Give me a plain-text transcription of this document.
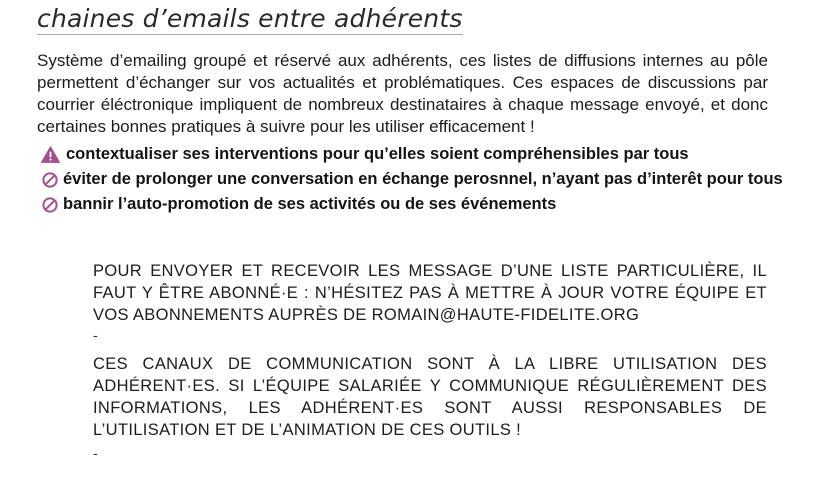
chaines d’emails entre adhérents

Système d’emailing groupé et réservé aux adhérents, ces listes de diffusions internes au pôle permettent d’échanger sur vos actualités et problématiques. Ces espaces de discussions par courrier éléctronique impliquent de nombreux destinataires à chaque message envoyé, et donc certaines bonnes pratiques à suivre pour les utiliser efficacement !

contextualiser ses interventions pour qu’elles soient compréhensibles par tous
éviter de prolonger une conversation en échange perosnnel, n’ayant pas d’interêt pour tous
bannir l’auto-promotion de ses activités ou de ses événements
POUR ENVOYER ET RECEVOIR LES MESSAGE D’UNE LISTE PARTICULIÈRE, IL FAUT Y ÊTRE ABONNÉ·E : N’HÉSITEZ PAS À METTRE À JOUR VOTRE ÉQUIPE ET VOS ABONNEMENTS AUPRÈS DE ROMAIN@HAUTE-FIDELITE.ORG
-
CES CANAUX DE COMMUNICATION SONT À LA LIBRE UTILISATION DES ADHÉRENT·ES. SI L’ÉQUIPE SALARIÉE Y COMMUNIQUE RÉGULIÈREMENT DES INFORMATIONS, LES ADHÉRENT·ES SONT AUSSI RESPONSABLES DE L’UTILISATION ET DE L’ANIMATION DE CES OUTILS !
-
